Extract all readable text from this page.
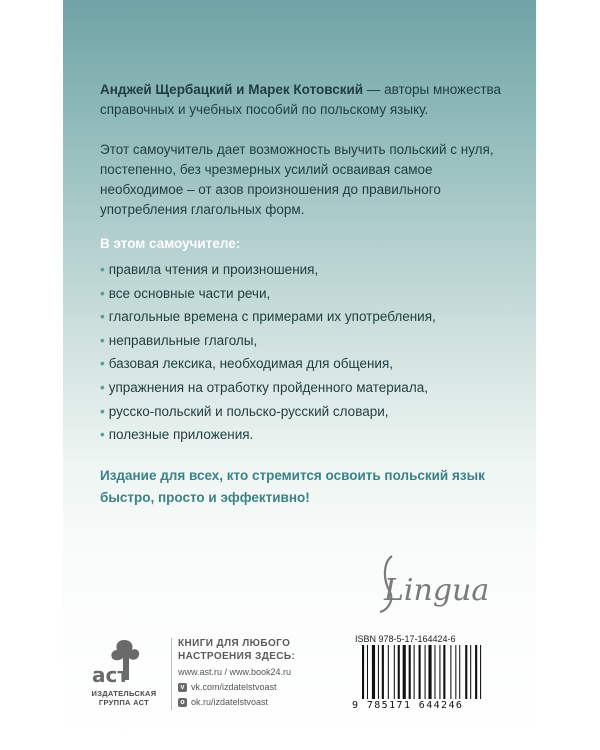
Анджей Щербацкий и Марек Котовский — авторы множества
справочных и учебных пособий по польскому языку.
Этот самоучитель дает возможность выучить польский с нуля,
постепенно, без чрезмерных усилий осваивая самое
необходимое – от азов произношения до правильного
употребления глагольных форм.
В этом самоучителе:
• правила чтения и произношения,
• все основные части речи,
• глагольные времена с примерами их употребления,
• неправильные глаголы,
• базовая лексика, необходимая для общения,
• упражнения на отработку пройденного материала,
• русско-польский и польско-русский словари,
• полезные приложения.
Издание для всех, кто стремится освоить польский язык
быстро, просто и эффективно!
Lingua
аст
ИЗДАТЕЛЬСКАЯ
ГРУППА АСТ
КНИГИ ДЛЯ ЛЮБОГО
НАСТРОЕНИЯ ЗДЕСЬ:
www.ast.ru / www.book24.ru
v vk.com/izdatelstvoast
o ok.ru/izdatelstvoast
ISBN 978-5-17-164424-6
9 785171 644246
